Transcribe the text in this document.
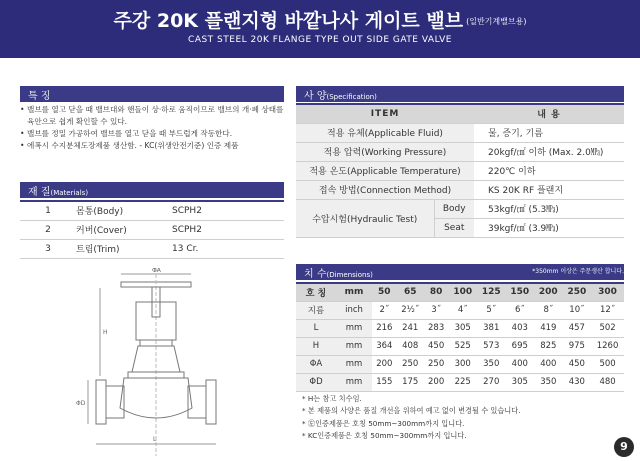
주강 20K 플랜지형 바깥나사 게이트 밸브 (일반기계밸브용)
CAST STEEL 20K FLANGE TYPE OUT SIDE GATE VALVE
특 징
• 밸브를 열고 닫을 때 밸브대와 핸들이 상·하로 움직이므로 밸브의 개·폐 상태를 육안으로 쉽게 확인할 수 있다.
• 밸브를 정밀 가공하여 밸브를 열고 닫을 때 부드럽게 작동한다.
• 에폭시 수지분체도장제품 생산함. - KC(위생안전기준) 인증 제품
재 질(Materials)
1	몸통(Body)	SCPH2
2	커버(Cover)	SCPH2
3	트림(Trim)	13 Cr.
ΦA
H
ΦD
L
사 양(Specification)
ITEM		내 용
적용 유체(Applicable Fluid)		물, 증기, 기름
적용 압력(Working Pressure)		20kgf/㎠ 이하 (Max. 2.0㎫)
적용 온도(Applicable Temperature)		220℃ 이하
접속 방법(Connection Method)		KS 20K RF 플랜지
수압시험(Hydraulic Test)	Body	53kgf/㎠ (5.3㎫)
	Seat	39kgf/㎠ (3.9㎫)
치 수(Dimensions)	*350mm 이상은 주문생산 합니다.
호 칭	mm	50	65	80	100	125	150	200	250	300
지름	inch	2˝	2½˝	3˝	4˝	5˝	6˝	8˝	10˝	12˝
L	mm	216	241	283	305	381	403	419	457	502
H	mm	364	408	450	525	573	695	825	975	1260
ΦA	mm	200	250	250	300	350	400	400	450	500
ΦD	mm	155	175	200	225	270	305	350	430	480
* H는 참고 치수임.
* 본 제품의 사양은 품질 개선을 위하여 예고 없이 변경될 수 있습니다.
* ㊧인증제품은 호칭 50mm~300mm까지 입니다.
* KC인증제품은 호칭 50mm~300mm까지 입니다.
9
